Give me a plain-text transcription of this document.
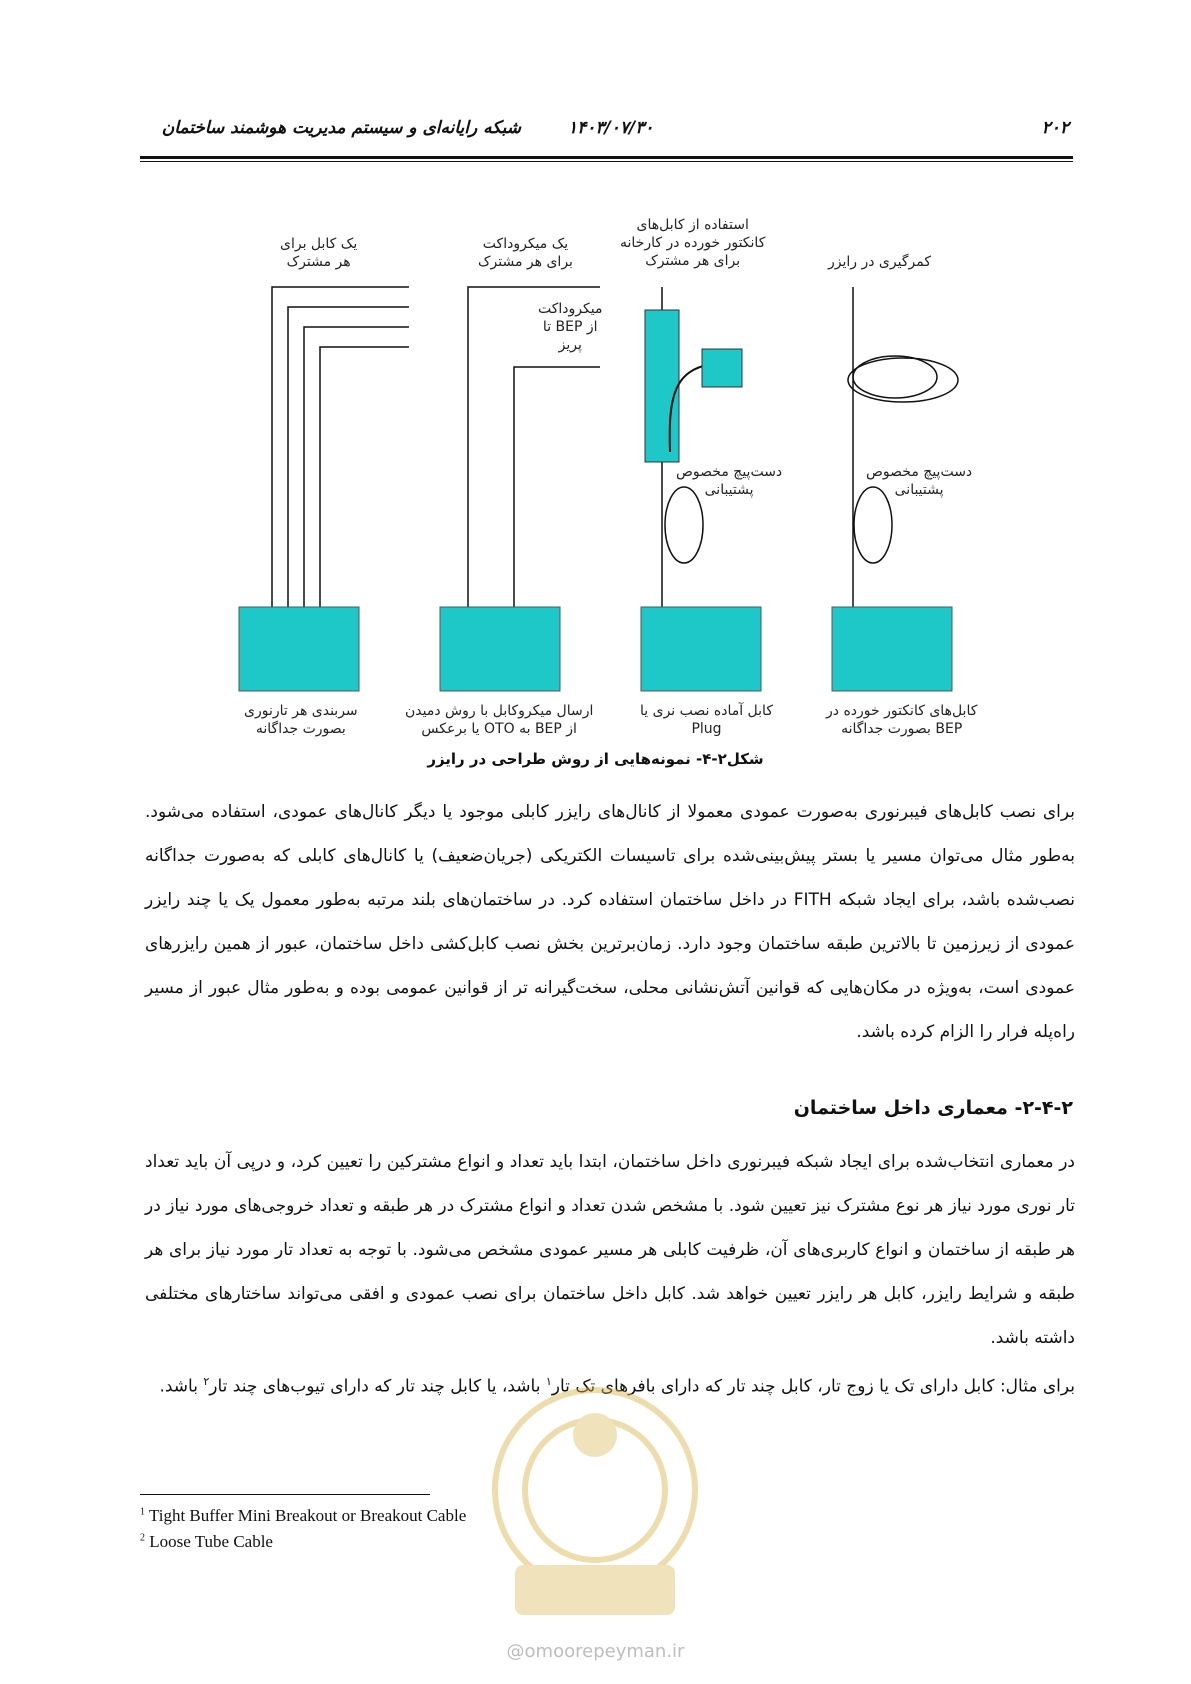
۲۰۲
۱۴۰۳/۰۷/۳۰
شبکه رایانه‌ای و سیستم مدیریت هوشمند ساختمان
یک کابل برای
هر مشترک
سربندی هر تارنوری
بصورت جداگانه
یک میکروداکت
برای هر مشترک
میکروداکت
از BEP تا
پریز
ارسال میکروکابل با روش دمیدن
از BEP به OTO یا برعکس
استفاده از کابل‌های
کانکتور خورده در کارخانه
برای هر مشترک
دست‌پیچ مخصوص
پشتیبانی
کابل آماده نصب نری یا
Plug
کمرگیری در رایزر
دست‌پیچ مخصوص
پشتیبانی
کابل‌های کانکتور خورده در
BEP بصورت جداگانه
شکل۲-۴- نمونه‌هایی از روش طراحی در رایزر
برای نصب کابل‌های فیبرنوری به‌صورت عمودی معمولا از کانال‌های رایزر کابلی موجود یا دیگر کانال‌های عمودی، استفاده می‌شود. به‌طور مثال می‌توان مسیر یا بستر پیش‌بینی‌شده برای تاسیسات الکتریکی (جریان‌ضعیف) یا کانال‌های کابلی که به‌صورت جداگانه نصب‌شده باشد، برای ایجاد شبکه FITH در داخل ساختمان استفاده کرد. در ساختمان‌های بلند مرتبه به‌طور معمول یک یا چند رایزر عمودی از زیرزمین تا بالاترین طبقه ساختمان وجود دارد. زمان‌برترین بخش نصب کابل‌کشی داخل ساختمان، عبور از همین رایزرهای عمودی است، به‌ویژه در مکان‌هایی که قوانین آتش‌نشانی محلی، سخت‌گیرانه تر از قوانین عمومی بوده و به‌طور مثال عبور از مسیر راه‌پله فرار را الزام کرده باشد.
۲-۴-۲- معماری داخل ساختمان
در معماری انتخاب‌شده برای ایجاد شبکه فیبرنوری داخل ساختمان، ابتدا باید تعداد و انواع مشترکین را تعیین کرد، و درپی آن باید تعداد تار نوری مورد نیاز هر نوع مشترک نیز تعیین شود. با مشخص شدن تعداد و انواع مشترک در هر طبقه و تعداد خروجی‌های مورد نیاز در هر طبقه از ساختمان و انواع کاربری‌های آن، ظرفیت کابلی هر مسیر عمودی مشخص می‌شود. با توجه به تعداد تار مورد نیاز برای هر طبقه و شرایط رایزر، کابل هر رایزر تعیین خواهد شد. کابل داخل ساختمان برای نصب عمودی و افقی می‌تواند ساختارهای مختلفی داشته باشد.
برای مثال: کابل دارای تک یا زوج تار، کابل چند تار که دارای بافرهای تک تار$^۱$ باشد، یا کابل چند تار که دارای تیوب‌های چند تار$^۲$ باشد.
@omoorepeyman.ir
$^1$ Tight Buffer Mini Breakout or Breakout Cable
$^2$ Loose Tube Cable
